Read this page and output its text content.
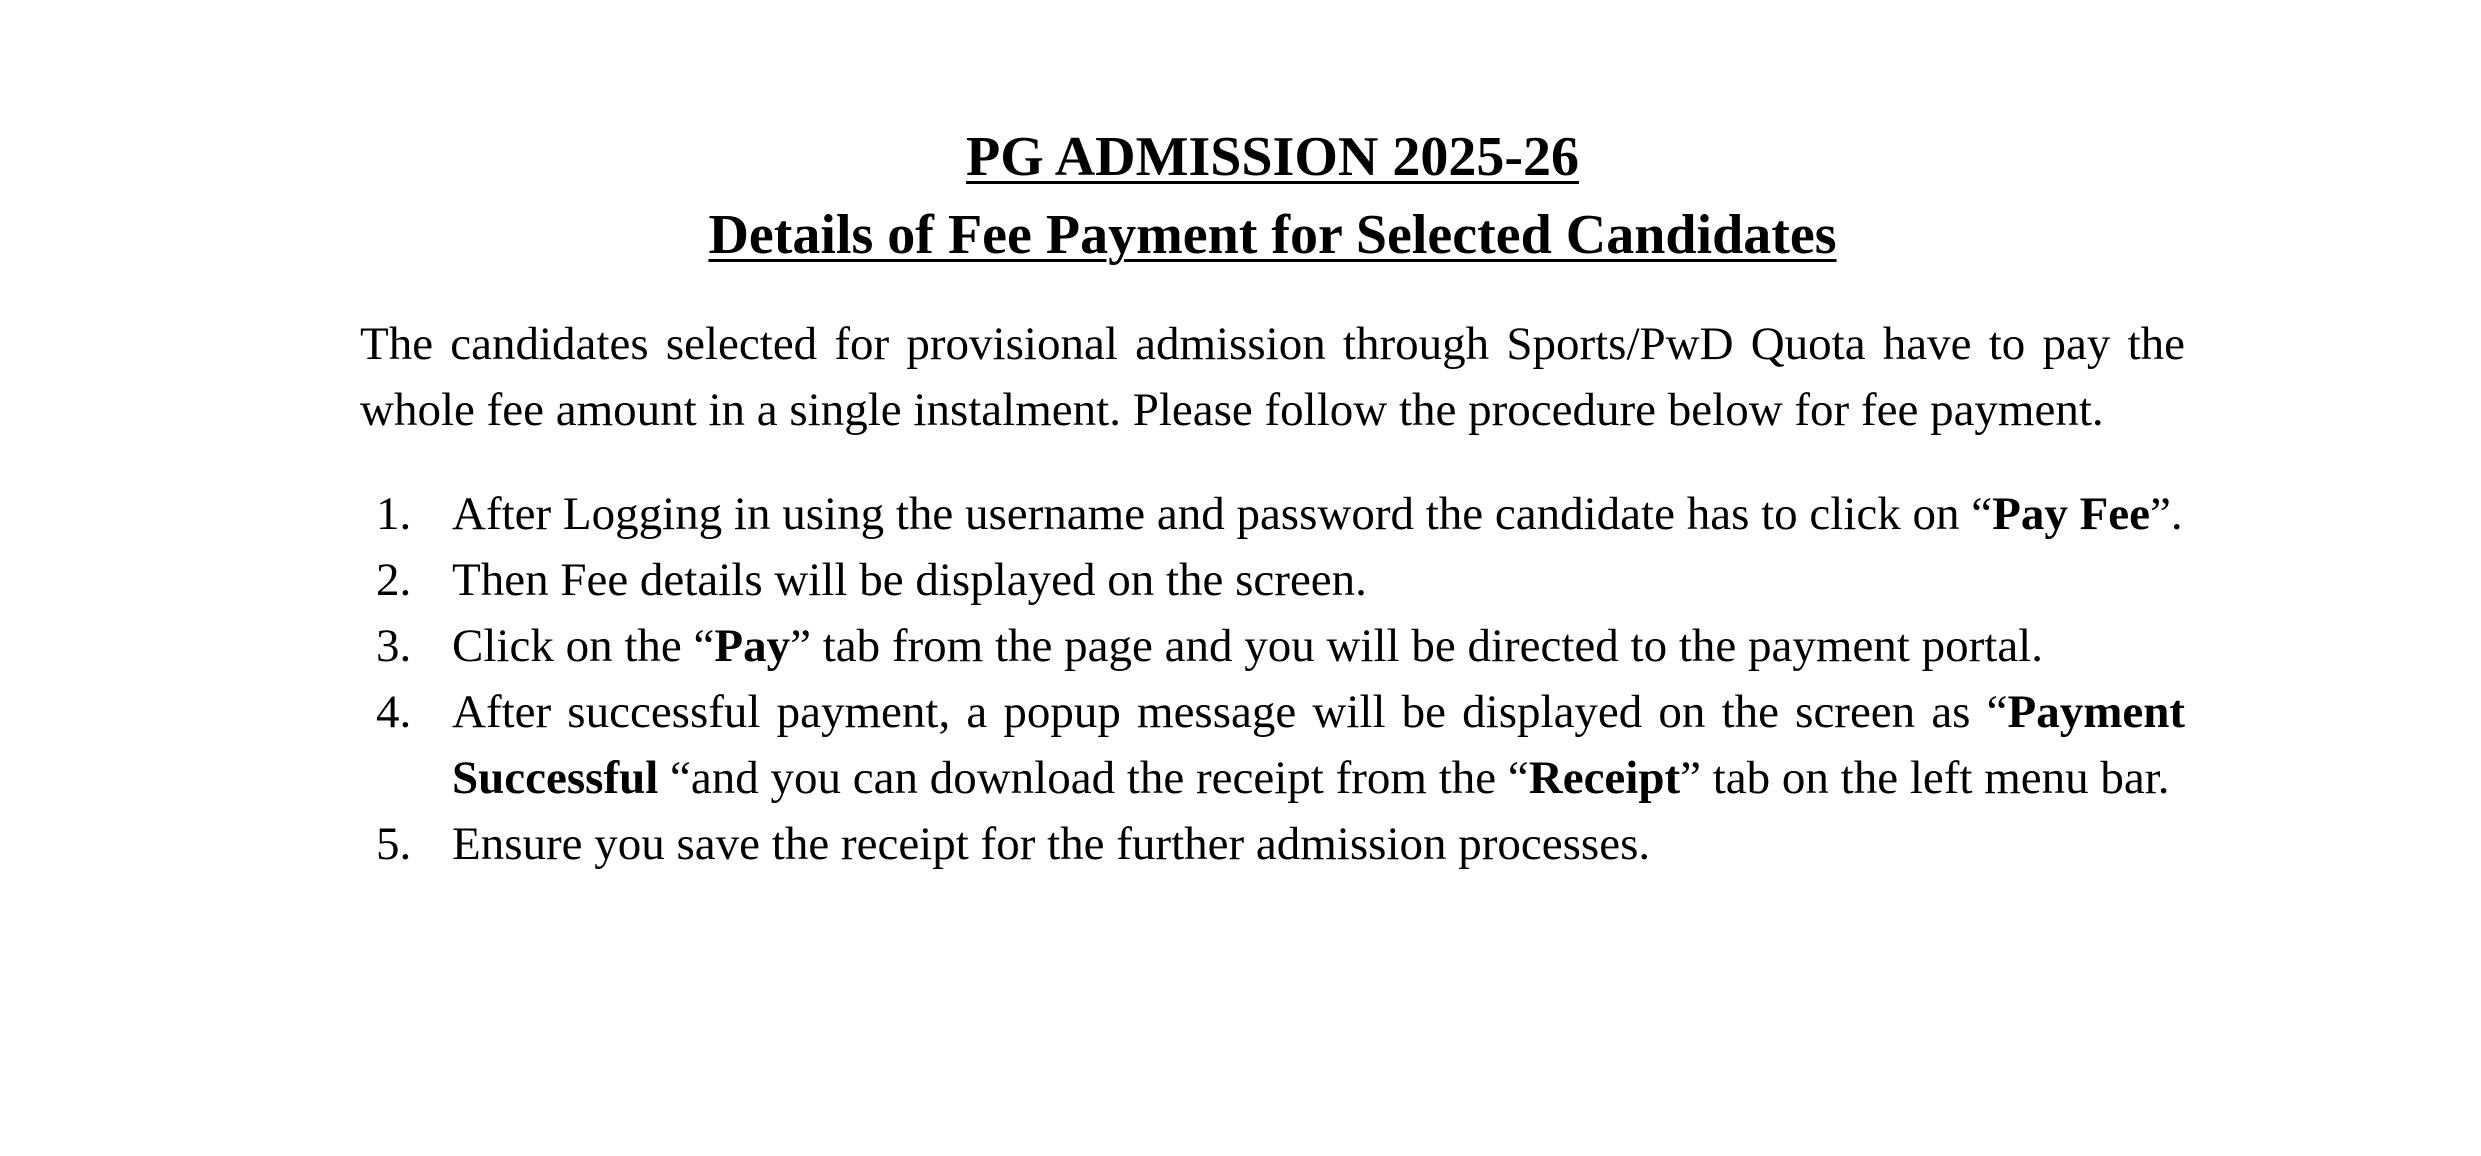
PG ADMISSION 2025-26
Details of Fee Payment for Selected Candidates

The candidates selected for provisional admission through Sports/PwD Quota have to pay the whole fee amount in a single instalment. Please follow the procedure below for fee payment.

1. After Logging in using the username and password the candidate has to click on “Pay Fee”.
2. Then Fee details will be displayed on the screen.
3. Click on the “Pay” tab from the page and you will be directed to the payment portal.
4. After successful payment, a popup message will be displayed on the screen as “Payment Successful “and you can download the receipt from the “Receipt” tab on the left menu bar.
5. Ensure you save the receipt for the further admission processes.
